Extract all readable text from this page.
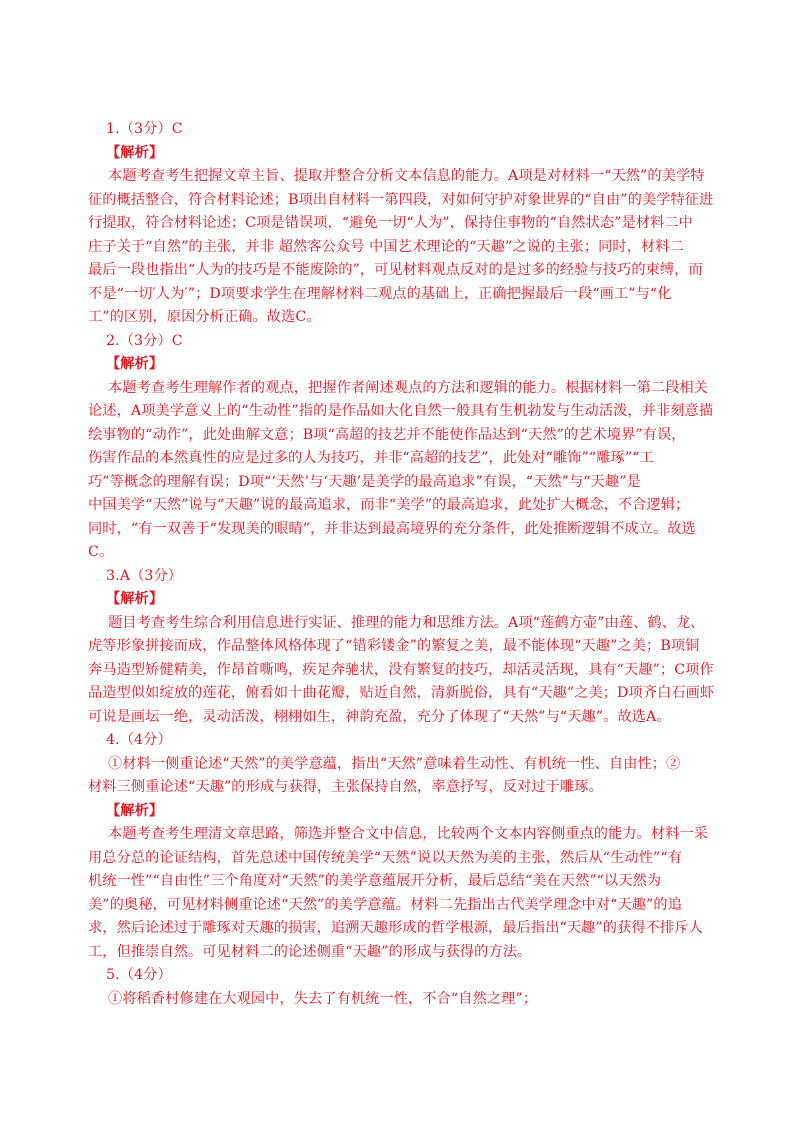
1.（3分）C
【解析】
本题考查考生把握文章主旨、提取并整合分析文本信息的能力。A项是对材料一“天然”的美学特
征的概括整合，符合材料论述；B项出自材料一第四段，对如何守护对象世界的“自由”的美学特征进
行提取，符合材料论述；C项是错误项，“避免一切“人为”，保持住事物的“自然状态”是材料二中
庄子关于“自然”的主张，并非 超然客公众号 中国艺术理论的“天趣”之说的主张；同时，材料二
最后一段也指出“人为的技巧是不能废除的”，可见材料观点反对的是过多的经验与技巧的束缚，而
不是“一切′人为′”；D项要求学生在理解材料二观点的基础上，正确把握最后一段“画工”与“化
工”的区别，原因分析正确。故选C。
2.（3分）C
【解析】
本题考查考生理解作者的观点，把握作者阐述观点的方法和逻辑的能力。根据材料一第二段相关
论述，A项美学意义上的“生动性”指的是作品如大化自然一般具有生机勃发与生动活泼，并非刻意描
绘事物的“动作”，此处曲解文意；B项“高超的技艺并不能使作品达到“天然”的艺术境界”有误，
伤害作品的本然真性的应是过多的人为技巧，并非“高超的技艺”，此处对“雕饰”“雕琢”“工
巧”等概念的理解有误；D项“‘天然’与‘天趣’是美学的最高追求”有误，“天然”与“天趣”是
中国美学“天然”说与“天趣”说的最高追求，而非“美学”的最高追求，此处扩大概念，不合逻辑；
同时，“有一双善于“发现美的眼睛”，并非达到最高境界的充分条件，此处推断逻辑不成立。故选
C。
3.A（3分）
【解析】
题目考查考生综合利用信息进行实证、推理的能力和思维方法。A项“莲鹤方壶”由莲、鹤、龙、
虎等形象拼接而成，作品整体风格体现了“错彩镂金”的繁复之美，最不能体现“天趣”之美；B项铜
奔马造型矫健精美，作昂首嘶鸣，疾足奔驰状，没有繁复的技巧，却活灵活现，具有“天趣”；C项作
品造型似如绽放的莲花，俯看如十曲花瓣，贴近自然，清新脱俗，具有“天趣”之美；D项齐白石画虾
可说是画坛一绝，灵动活泼，栩栩如生，神韵充盈，充分了体现了“天然”与“天趣”。故选A。
4.（4分）
①材料一侧重论述“天然”的美学意蕴，指出“天然”意味着生动性、有机统一性、自由性；②
材料三侧重论述“天趣”的形成与获得，主张保持自然，率意抒写，反对过于雕琢。
【解析】
本题考查考生理清文章思路，筛选并整合文中信息，比较两个文本内容侧重点的能力。材料一采
用总分总的论证结构，首先总述中国传统美学“天然”说以天然为美的主张，然后从“生动性”“有
机统一性”“自由性”三个角度对“天然”的美学意蕴展开分析，最后总结“美在天然”“以天然为
美”的奥秘，可见材料侧重论述“天然”的美学意蕴。材料二先指出古代美学理念中对“天趣”的追
求，然后论述过于雕琢对天趣的损害，追溯天趣形成的哲学根源，最后指出“天趣”的获得不排斥人
工，但推崇自然。可见材料二的论述侧重“天趣”的形成与获得的方法。
5.（4分）
①将稻香村修建在大观园中，失去了有机统一性，不合“自然之理”；
